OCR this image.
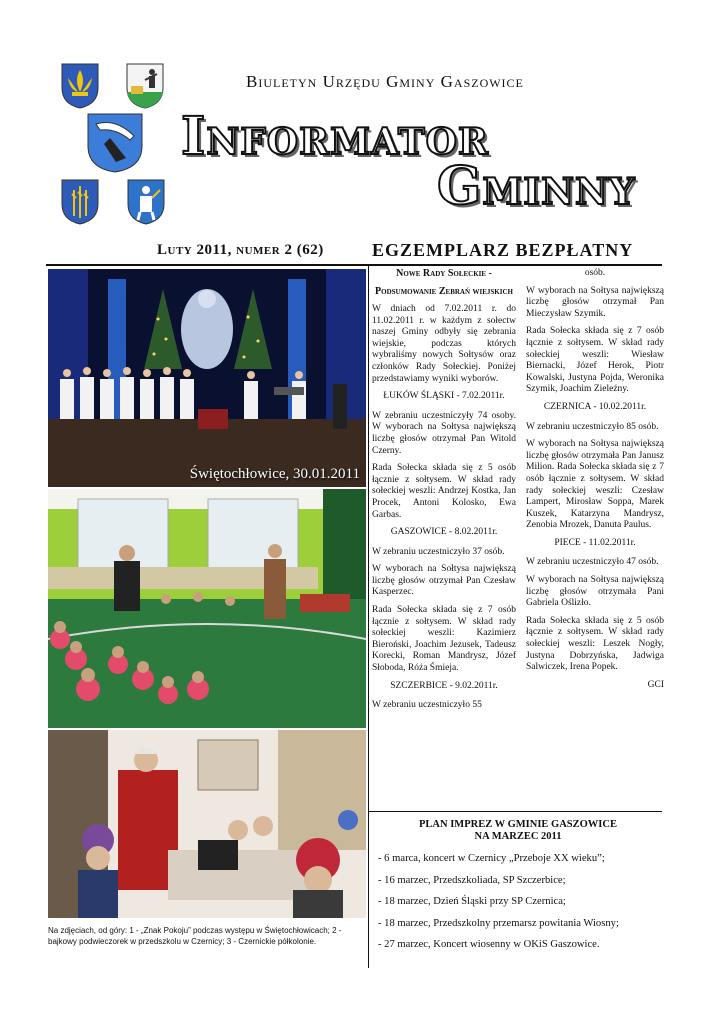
Biuletyn Urzędu Gminy Gaszowice
Informator
Gminny
Luty 2011, numer 2 (62)	EGZEMPLARZ BEZPŁATNY
Świętochłowice, 30.01.2011
Na zdjęciach, od góry: 1 - „Znak Pokoju” podczas występu w Świętochłowicach; 2 - bajkowy podwieczorek w przedszkolu w Czernicy; 3 - Czernickie półkolonie.

Nowe Rady Sołeckie -

Podsumowanie Zebrań wiejskich

W dniach od 7.02.2011 r. do 11.02.2011 r. w każdym z sołectw naszej Gminy odbyły się zebrania wiejskie, podczas których wybraliśmy nowych Sołtysów oraz członków Rady Sołeckiej. Poniżej przedstawiamy wyniki wyborów.

ŁUKÓW ŚLĄSKI - 7.02.2011r.

W zebraniu uczestniczyły 74 osoby. W wyborach na Sołtysa największą liczbę głosów otrzymał Pan Witold Czerny.

Rada Sołecka składa się z 5 osób łącznie z sołtysem. W skład rady sołeckiej weszli: Andrzej Kostka, Jan Procek, Antoni Kolosko, Ewa Garbas.

GASZOWICE - 8.02.2011r.

W zebraniu uczestniczyło 37 osób.

W wyborach na Sołtysa największą liczbę głosów otrzymał Pan Czesław Kasperzec.

Rada Sołecka składa się z 7 osób łącznie z sołtysem. W skład rady sołeckiej weszli: Kazimierz Bieroński, Joachim Jezusek, Tadeusz Korecki, Roman Mandrysz, Józef Słoboda, Róża Śmieja.

SZCZERBICE - 9.02.2011r.

W zebraniu uczestniczyło 55

osób.

W wyborach na Sołtysa największą liczbę głosów otrzymał Pan Mieczysław Szymik.

Rada Sołecka składa się z 7 osób łącznie z sołtysem. W skład rady sołeckiej weszli: Wiesław Biernacki, Józef Herok, Piotr Kowalski, Justyna Pojda, Weronika Szymik, Joachim Zieleźny.

CZERNICA - 10.02.2011r.

W zebraniu uczestniczyło 85 osób.

W wyborach na Sołtysa największą liczbę głosów otrzymała Pan Janusz Milion. Rada Sołecka składa się z 7 osób łącznie z sołtysem. W skład rady sołeckiej weszli: Czesław Lampert, Mirosław Soppa, Marek Kuszek, Katarzyna Mandrysz, Zenobia Mrozek, Danuta Paulus.

PIECE - 11.02.2011r.

W zebraniu uczestniczyło 47 osób.

W wyborach na Sołtysa największą liczbę głosów otrzymała Pani Gabriela Oślizło.

Rada Sołecka składa się z 5 osób łącznie z sołtysem. W skład rady sołeckiej weszli: Leszek Nogły, Justyna Dobrzyńska, Jadwiga Salwiczek, Irena Popek.

GCI

PLAN IMPREZ W GMINIE GASZOWICE
NA MARZEC 2011
- 6 marca, koncert w Czernicy „Przeboje XX wieku”;
- 16 marzec, Przedszkoliada, SP Szczerbice;
- 18 marzec, Dzień Śląski przy SP Czernica;
- 18 marzec, Przedszkolny przemarsz powitania Wiosny;
- 27 marzec, Koncert wiosenny w OKiS Gaszowice.
